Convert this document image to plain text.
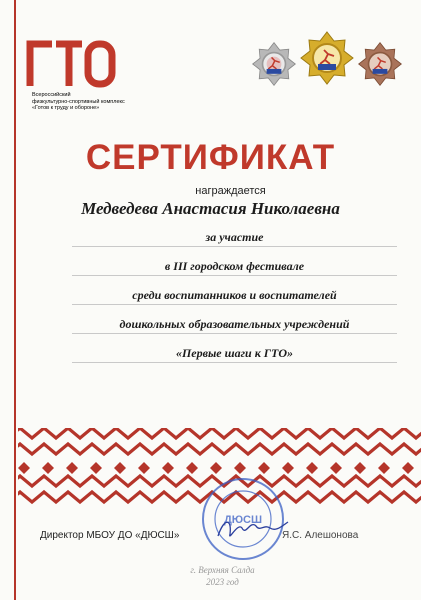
Всероссийский
физкультурно-спортивный комплекс
«Готов к труду и обороне»
СЕРТИФИКАТ
награждается
Медведева Анастасия Николаевна
за участие
в III городском фестивале
среди воспитанников и воспитателей
дошкольных образовательных учреждений
«Первые шаги к ГТО»
Директор МБОУ ДО «ДЮСШ»	Я.С. Алешонова
ДЮСШ
г. Верхняя Салда
2023 год
